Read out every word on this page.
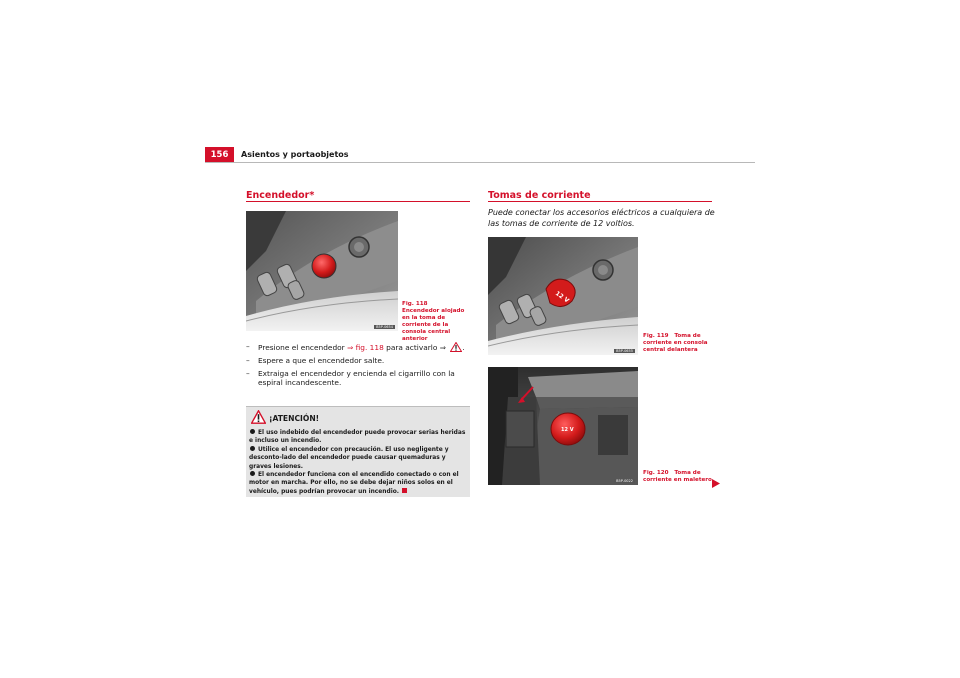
156	Asientos y portaobjetos
Encendedor*
B5P-0654
Fig. 118   Encendedor alojado en la toma de corriente de la consola central anterior
– Presione el encendedor ⇒ fig. 118 para activarlo ⇒ .
– Espere a que el encendedor salte.
– Extraiga el encendedor y encienda el cigarrillo con la espiral incandescente.
¡ATENCIÓN!

El uso indebido del encendedor puede provocar serias heridas e incluso un incendio.

Utilice el encendedor con precaución. El uso negligente y desconto-lado del encendedor puede causar quemaduras y graves lesiones.

El encendedor funciona con el encendido conectado o con el motor en marcha. Por ello, no se debe dejar niños solos en el vehículo, pues podrían provocar un incendio.

Tomas de corriente
Puede conectar los accesorios eléctricos a cualquiera de las tomas de corriente de 12 voltios.
12 V
B5P-0655
Fig. 119 Toma de corriente en consola central delantera
12 V
B5P-0022
Fig. 120 Toma de corriente en maletero
